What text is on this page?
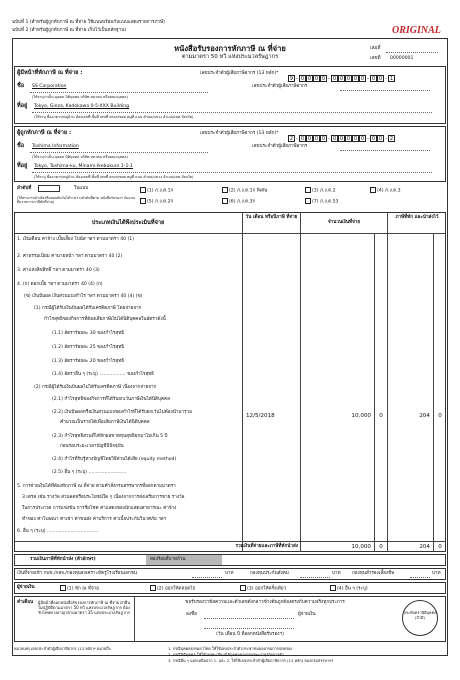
ฉบับที่ 1 (สำหรับผู้ถูกหักภาษี ณ ที่จ่าย ใช้แนบพร้อมกับแบบแสดงรายการภาษี)
ฉบับที่ 2 (สำหรับผู้ถูกหักภาษี ณ ที่จ่าย เก็บไว้เป็นหลักฐาน)	ORIGINAL
หนังสือรับรองการหักภาษี ณ ที่จ่าย
ตามมาตรา 50 ทวิ แห่งประมวลรัษฎากร
เล่มที่
เลขที่ 00000001
ผู้มีหน้าที่หักภาษี ณ ที่จ่าย :	เลขประจำตัวผู้เสียภาษีอากร (13 หลัก)*
9 - 0 0 0 0 - 0 0 0 0 0 - 0 0 - 1
ชื่อ SS Corporation	เลขประจำตัวผู้เสียภาษีอากร
(ให้ระบุว่าเป็น บุคคล นิติบุคคล บริษัท สมาคม หรือคณะบุคคล)
ที่อยู่ Tokyo, Ginza, Kadokawa 0-5-XXX Building
(ให้ระบุ ชื่ออาคาร/หมู่บ้าน ห้องเลขที่ ชั้นที่ เลขที่ ตรอก/ซอย หมู่ที่ ถนน ตำบล/แขวง อำเภอ/เขต จังหวัด)
ผู้ถูกหักภาษี ณ ที่จ่าย :	เลขประจำตัวผู้เสียภาษีอากร (13 หลัก)*
2 - 0 0 0 0 - 0 0 0 0 0 - 0 0 - 2
ชื่อ Toshima Information	เลขประจำตัวผู้เสียภาษีอากร
(ให้ระบุว่าเป็น บุคคล นิติบุคคล บริษัท สมาคม หรือคณะบุคคล)
ที่อยู่ Tokyo, Toshima-ku, Minami-Ikebukuro 1-1-1
(ให้ระบุ ชื่ออาคาร/หมู่บ้าน ห้องเลขที่ ชั้นที่ เลขที่ ตรอก/ซอย หมู่ที่ ถนน ตำบล/แขวง อำเภอ/เขต จังหวัด)
ลำดับที่	ในแบบ
(ให้สามารถอ้างอิงหรือสอบยันกันได้ระหว่างลำดับที่ตาม หนังสือรับรองฯ กับแบบยื่นรายการภาษีหักที่จ่าย)
(1) ภ.ง.ด.1ก	(2) ภ.ง.ด.1ก พิเศษ	(3) ภ.ง.ด.2	(4) ภ.ง.ด.3
(5) ภ.ง.ด.2ก	(6) ภ.ง.ด.3ก	(7) ภ.ง.ด.53
ประเภทเงินได้พึงประเมินที่จ่าย
วัน เดือน หรือปีภาษี ที่จ่าย
จำนวนเงินที่จ่าย
ภาษีที่หัก และนำส่งไว้
1. เงินเดือน ค่าจ้าง เบี้ยเลี้ยง โบนัส ฯลฯ ตามมาตรา 40 (1)
2. ค่าธรรมเนียม ค่านายหน้า ฯลฯ ตามมาตรา 40 (2)
3. ค่าแห่งลิขสิทธิ์ ฯลฯ ตามมาตรา 40 (3)
4. (ก) ดอกเบี้ย ฯลฯ ตามมาตรา 40 (4) (ก)
(ข) เงินปันผล เงินส่วนแบ่งกำไร ฯลฯ ตามมาตรา 40 (4) (ข)
(1) กรณีผู้ได้รับเงินปันผลได้รับเครดิตภาษี โดยจ่ายจาก
กำไรสุทธิของกิจการที่ต้องเสียภาษีเงินได้นิติบุคคลในอัตราดังนี้
(1.1) อัตราร้อยละ 30 ของกำไรสุทธิ
(1.2) อัตราร้อยละ 25 ของกำไรสุทธิ
(1.3) อัตราร้อยละ 20 ของกำไรสุทธิ
(1.4) อัตราอื่น ๆ (ระบุ) .................. ของกำไรสุทธิ
(2) กรณีผู้ได้รับเงินปันผลไม่ได้รับเครดิตภาษี เนื่องจากจ่ายจาก
(2.1) กำไรสุทธิของกิจการที่ได้รับยกเว้นภาษีเงินได้นิติบุคคล
(2.2) เงินปันผลหรือเงินส่วนแบ่งของกำไรที่ได้รับยกเว้นไม่ต้องนำมารวม
คำนวณเป็นรายได้เพื่อเสียภาษีเงินได้นิติบุคคล
(2.3) กำไรสุทธิส่วนที่ได้หักผลขาดทุนสุทธิยกมาไม่เกิน 5 ปี
ก่อนรอบระยะเวลาบัญชีปีปัจจุบัน
(2.4) กำไรที่รับรู้ทางบัญชีโดยวิธีส่วนได้เสีย (equity method)
(2.5) อื่น ๆ (ระบุ) ..........................
5. การจ่ายเงินได้ที่ต้องหักภาษี ณ ที่จ่าย ตามคำสั่งกรมสรรพากรที่ออกตามมาตรา
3 เตรส เช่น รางวัล ส่วนลดหรือประโยชน์ใด ๆ เนื่องจากการส่งเสริมการขาย รางวัล
ในการประกวด การแข่งขัน การชิงโชค ค่าแสดงของนักแสดงสาธารณะ ค่าจ้าง
ทำของ ค่าโฆษณา ค่าเช่า ค่าขนส่ง ค่าบริการ ค่าเบี้ยประกันวินาศภัย ฯลฯ
6. อื่น ๆ (ระบุ) ...................................
12/5/2018	10,000	0	204	0
รวมเงินที่จ่ายและภาษีที่หักนำส่ง	10,000	0	204	0
รวมเงินภาษีที่หักนำส่ง (ตัวอักษร)	สองร้อยสี่บาทถ้วน
เงินที่จ่ายเข้า กบข./กสจ./กองทุนสงเคราะห์ครูโรงเรียนเอกชน	บาท	กองทุนประกันสังคม	บาท กองทุนสำรองเลี้ยงชีพ	บาท
ผู้จ่ายเงิน	(1) หัก ณ ที่จ่าย	(2) ออกให้ตลอดไป	(3) ออกให้ครั้งเดียว	(4) อื่น ๆ (ระบุ)
คำเตือน ผู้มีหน้าที่ออกหนังสือรับรองการหักภาษี ณ ที่จ่าย ฝ่าฝืนไม่ปฏิบัติตามมาตรา 50 ทวิ แห่งประมวลรัษฎากร ต้องรับโทษทางอาญาตามมาตรา 35 แห่งประมวลรัษฎากร
ขอรับรองว่าข้อความและตัวเลขดังกล่าวข้างต้นถูกต้องตรงกับความจริงทุกประการ
ลงชื่อ	ผู้จ่ายเงิน
(วัน เดือน ปี ที่ออกหนังสือรับรองฯ)
ประทับตรานิติบุคคล (ถ้ามี)
หมายเหตุ เลขประจำตัวผู้เสียภาษีอากร (13 หลัก)* หมายถึง	1. กรณีบุคคลธรรมดาไทย ให้ใช้เลขประจำตัวประชาชนของกรมการปกครอง
2. กรณีนิติบุคคล ให้ใช้เลขทะเบียนนิติบุคคลของกรมพัฒนาธุรกิจการค้า
3. กรณีอื่น ๆ นอกเหนือจาก 1. และ 2. ให้ใช้เลขประจำตัวผู้เสียภาษีอากร (13 หลัก) ของกรมสรรพากร
